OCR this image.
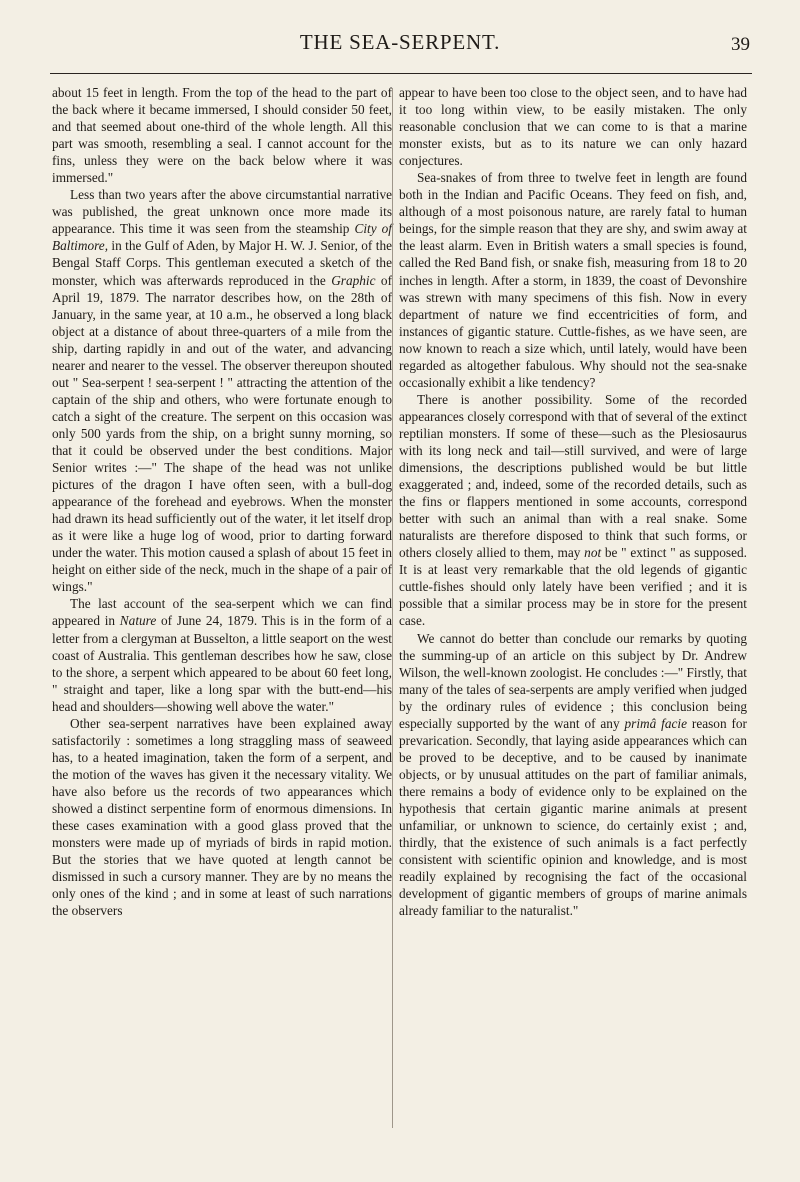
THE SEA-SERPENT.	39

about 15 feet in length. From the top of the head to the part of the back where it became immersed, I should consider 50 feet, and that seemed about one-third of the whole length. All this part was smooth, resembling a seal. I cannot account for the fins, unless they were on the back below where it was immersed."

Less than two years after the above circumstantial narrative was published, the great unknown once more made its appearance. This time it was seen from the steamship City of Baltimore, in the Gulf of Aden, by Major H. W. J. Senior, of the Bengal Staff Corps. This gentleman executed a sketch of the monster, which was afterwards reproduced in the Graphic of April 19, 1879. The narrator describes how, on the 28th of January, in the same year, at 10 a.m., he observed a long black object at a distance of about three-quarters of a mile from the ship, darting rapidly in and out of the water, and advancing nearer and nearer to the vessel. The observer thereupon shouted out " Sea-serpent ! sea-serpent ! " attracting the attention of the captain of the ship and others, who were fortunate enough to catch a sight of the creature. The serpent on this occasion was only 500 yards from the ship, on a bright sunny morning, so that it could be observed under the best conditions. Major Senior writes :—" The shape of the head was not unlike pictures of the dragon I have often seen, with a bull-dog appearance of the forehead and eyebrows. When the monster had drawn its head sufficiently out of the water, it let itself drop as it were like a huge log of wood, prior to darting forward under the water. This motion caused a splash of about 15 feet in height on either side of the neck, much in the shape of a pair of wings."

The last account of the sea-serpent which we can find appeared in Nature of June 24, 1879. This is in the form of a letter from a clergyman at Busselton, a little seaport on the west coast of Australia. This gentleman describes how he saw, close to the shore, a serpent which appeared to be about 60 feet long, " straight and taper, like a long spar with the butt-end—his head and shoulders—showing well above the water."

Other sea-serpent narratives have been explained away satisfactorily : sometimes a long straggling mass of seaweed has, to a heated imagination, taken the form of a serpent, and the motion of the waves has given it the necessary vitality. We have also before us the records of two appearances which showed a distinct serpentine form of enormous dimensions. In these cases examination with a good glass proved that the monsters were made up of myriads of birds in rapid motion. But the stories that we have quoted at length cannot be dismissed in such a cursory manner. They are by no means the only ones of the kind ; and in some at least of such narrations the observers

appear to have been too close to the object seen, and to have had it too long within view, to be easily mistaken. The only reasonable conclusion that we can come to is that a marine monster exists, but as to its nature we can only hazard conjectures.

Sea-snakes of from three to twelve feet in length are found both in the Indian and Pacific Oceans. They feed on fish, and, although of a most poisonous nature, are rarely fatal to human beings, for the simple reason that they are shy, and swim away at the least alarm. Even in British waters a small species is found, called the Red Band fish, or snake fish, measuring from 18 to 20 inches in length. After a storm, in 1839, the coast of Devonshire was strewn with many specimens of this fish. Now in every department of nature we find eccentricities of form, and instances of gigantic stature. Cuttle-fishes, as we have seen, are now known to reach a size which, until lately, would have been regarded as altogether fabulous. Why should not the sea-snake occasionally exhibit a like tendency?

There is another possibility. Some of the recorded appearances closely correspond with that of several of the extinct reptilian monsters. If some of these—such as the Plesiosaurus with its long neck and tail—still survived, and were of large dimensions, the descriptions published would be but little exaggerated ; and, indeed, some of the recorded details, such as the fins or flappers mentioned in some accounts, correspond better with such an animal than with a real snake. Some naturalists are therefore disposed to think that such forms, or others closely allied to them, may not be " extinct " as supposed. It is at least very remarkable that the old legends of gigantic cuttle-fishes should only lately have been verified ; and it is possible that a similar process may be in store for the present case.

We cannot do better than conclude our remarks by quoting the summing-up of an article on this subject by Dr. Andrew Wilson, the well-known zoologist. He concludes :—" Firstly, that many of the tales of sea-serpents are amply verified when judged by the ordinary rules of evidence ; this conclusion being especially supported by the want of any primâ facie reason for prevarication. Secondly, that laying aside appearances which can be proved to be deceptive, and to be caused by inanimate objects, or by unusual attitudes on the part of familiar animals, there remains a body of evidence only to be explained on the hypothesis that certain gigantic marine animals at present unfamiliar, or unknown to science, do certainly exist ; and, thirdly, that the existence of such animals is a fact perfectly consistent with scientific opinion and knowledge, and is most readily explained by recognising the fact of the occasional development of gigantic members of groups of marine animals already familiar to the naturalist."
